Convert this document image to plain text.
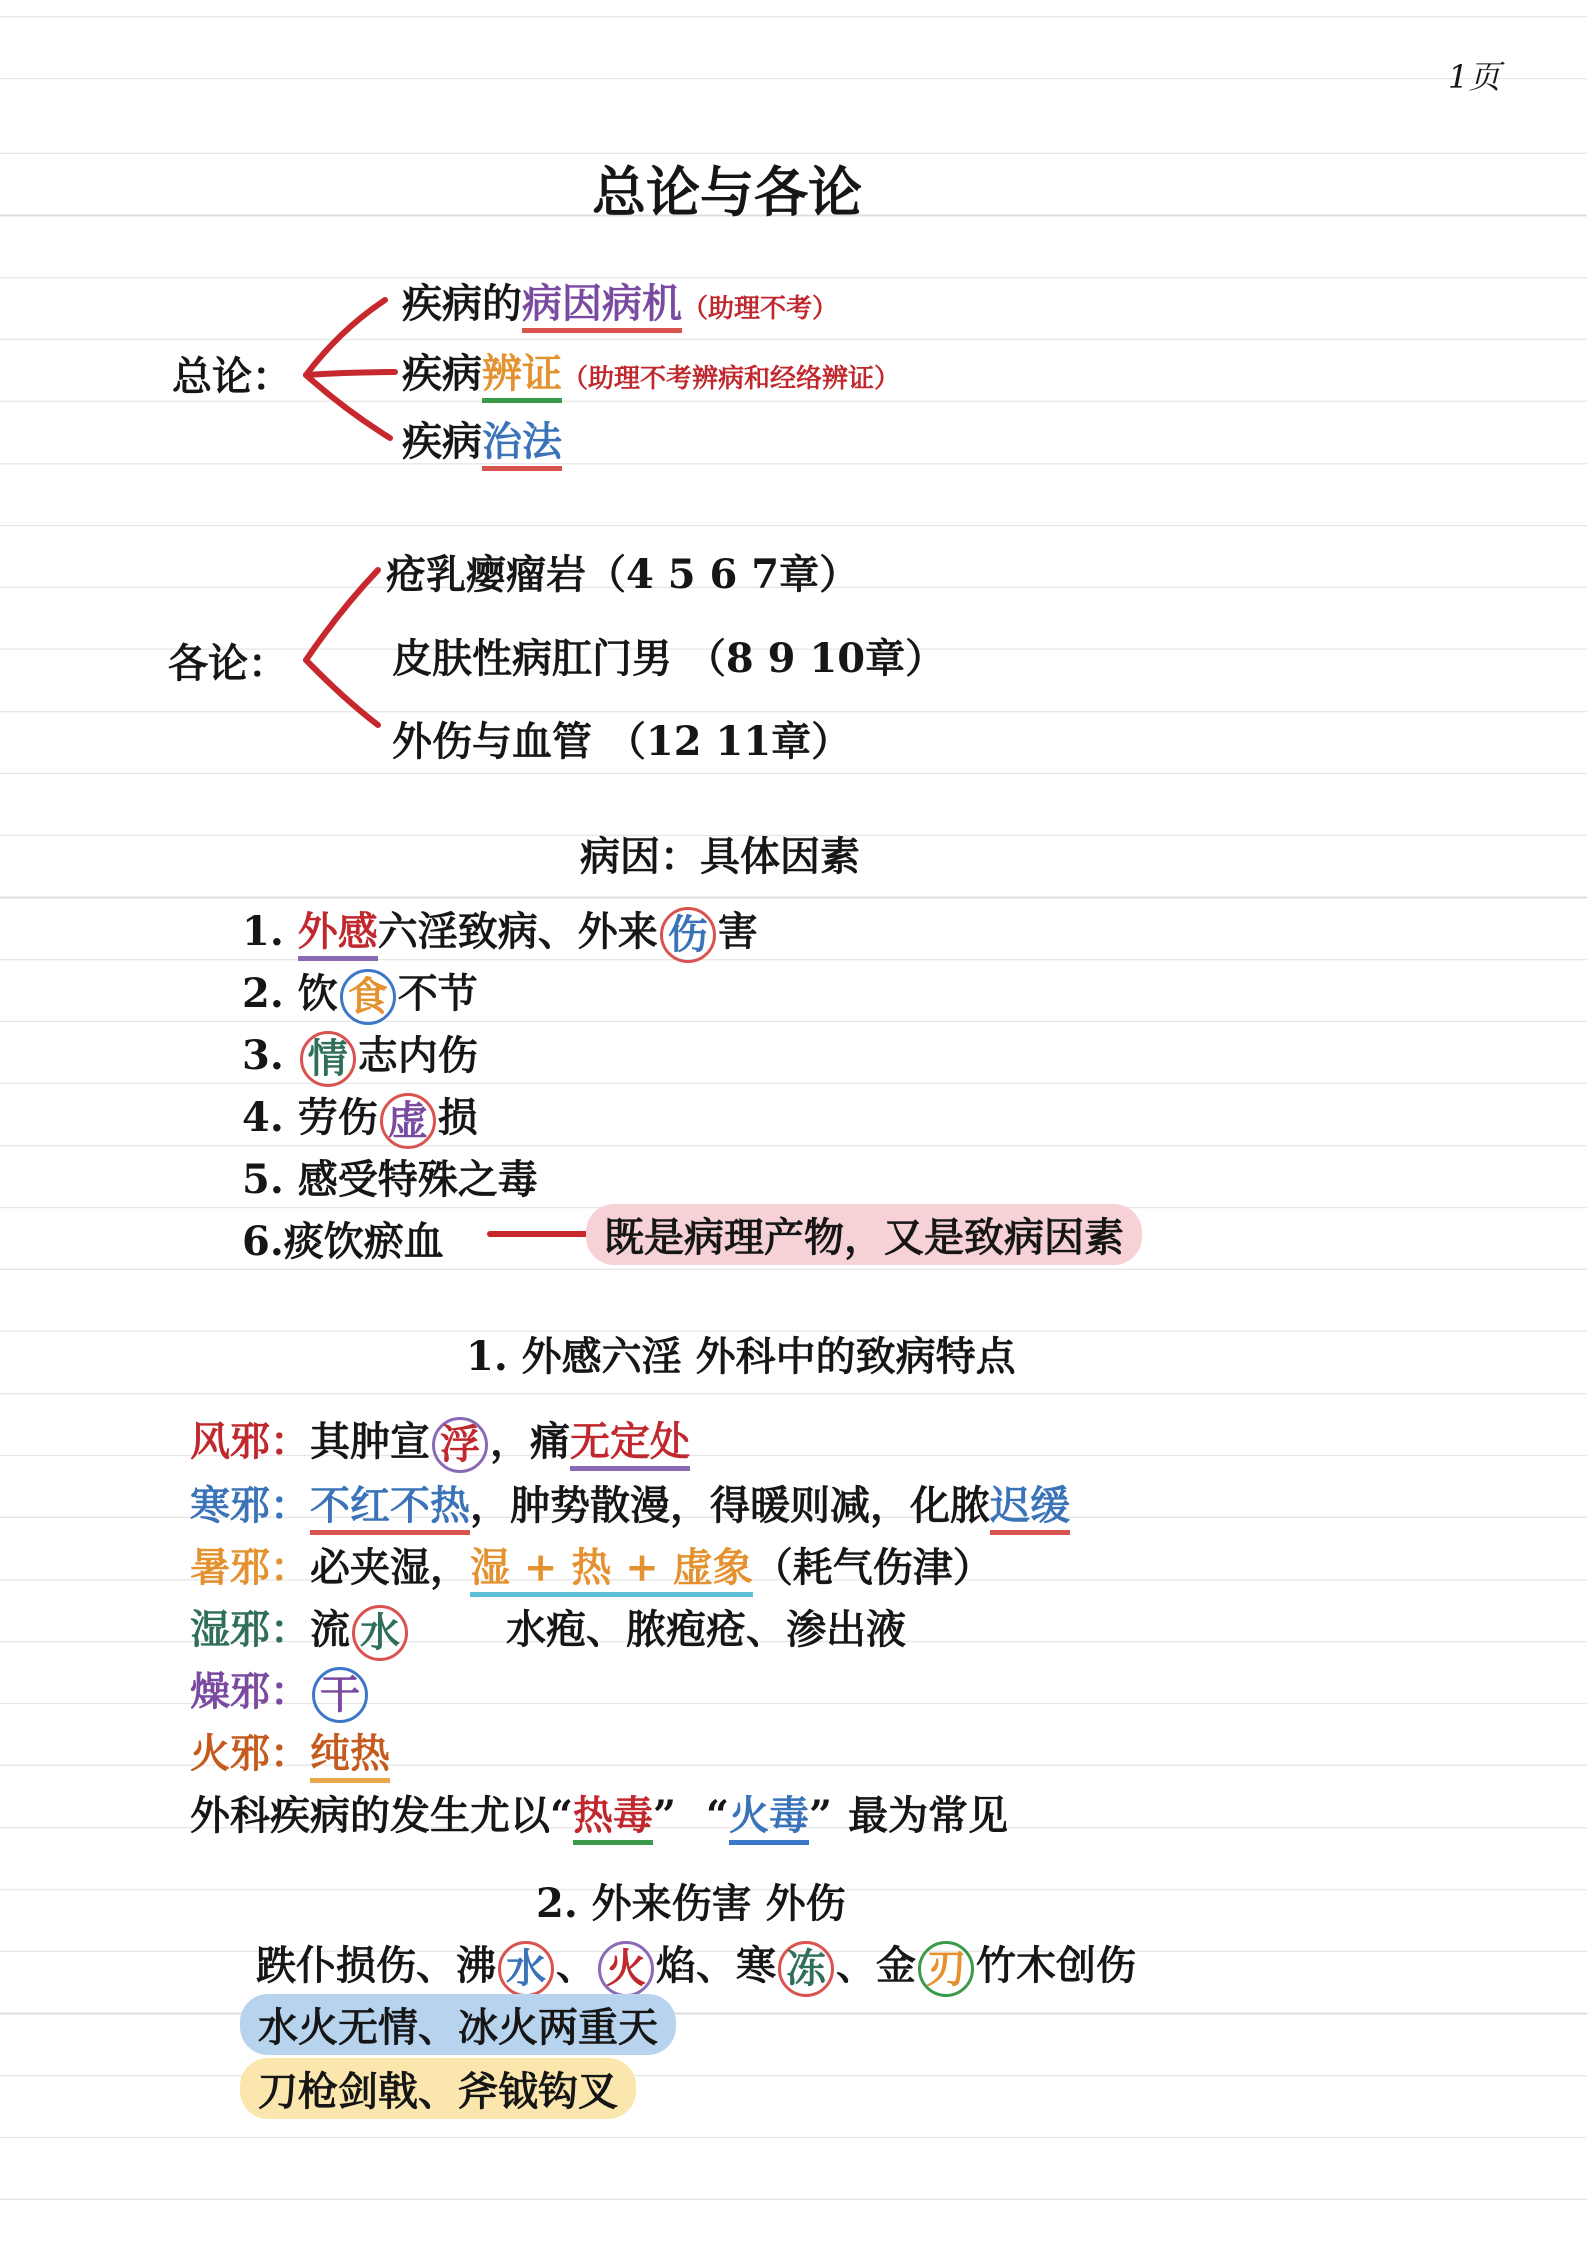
1页
总论与各论
总论：
疾病的病因病机（助理不考）
疾病辨证（助理不考辨病和经络辨证）
疾病治法
各论：
疮乳瘿瘤岩（4 5 6 7章）
皮肤性病肛门男 （8 9 10章）
外伤与血管 （12 11章）
病因：具体因素
1. 外感六淫致病、外来 伤 害
2. 饮 食 不节
3. 情 志内伤
4. 劳伤 虚 损
5. 感受特殊之毒
6.痰饮瘀血	既是病理产物，又是致病因素
1. 外感六淫 外科中的致病特点
风邪：其肿宣 浮 ，痛无定处
寒邪：不红不热，肿势散漫，得暖则减，化脓迟缓
暑邪：必夹湿，湿 + 热 + 虚象（耗气伤津）
湿邪：流 水	水疱、脓疱疮、渗出液
燥邪： 干
火邪：纯热
外科疾病的发生尤以“热毒” “火毒” 最为常见
2. 外来伤害 外伤
跌仆损伤、沸 水 、 火 焰、寒 冻 、金 刃 竹木创伤
水火无情、冰火两重天
刀枪剑戟、斧钺钩叉
